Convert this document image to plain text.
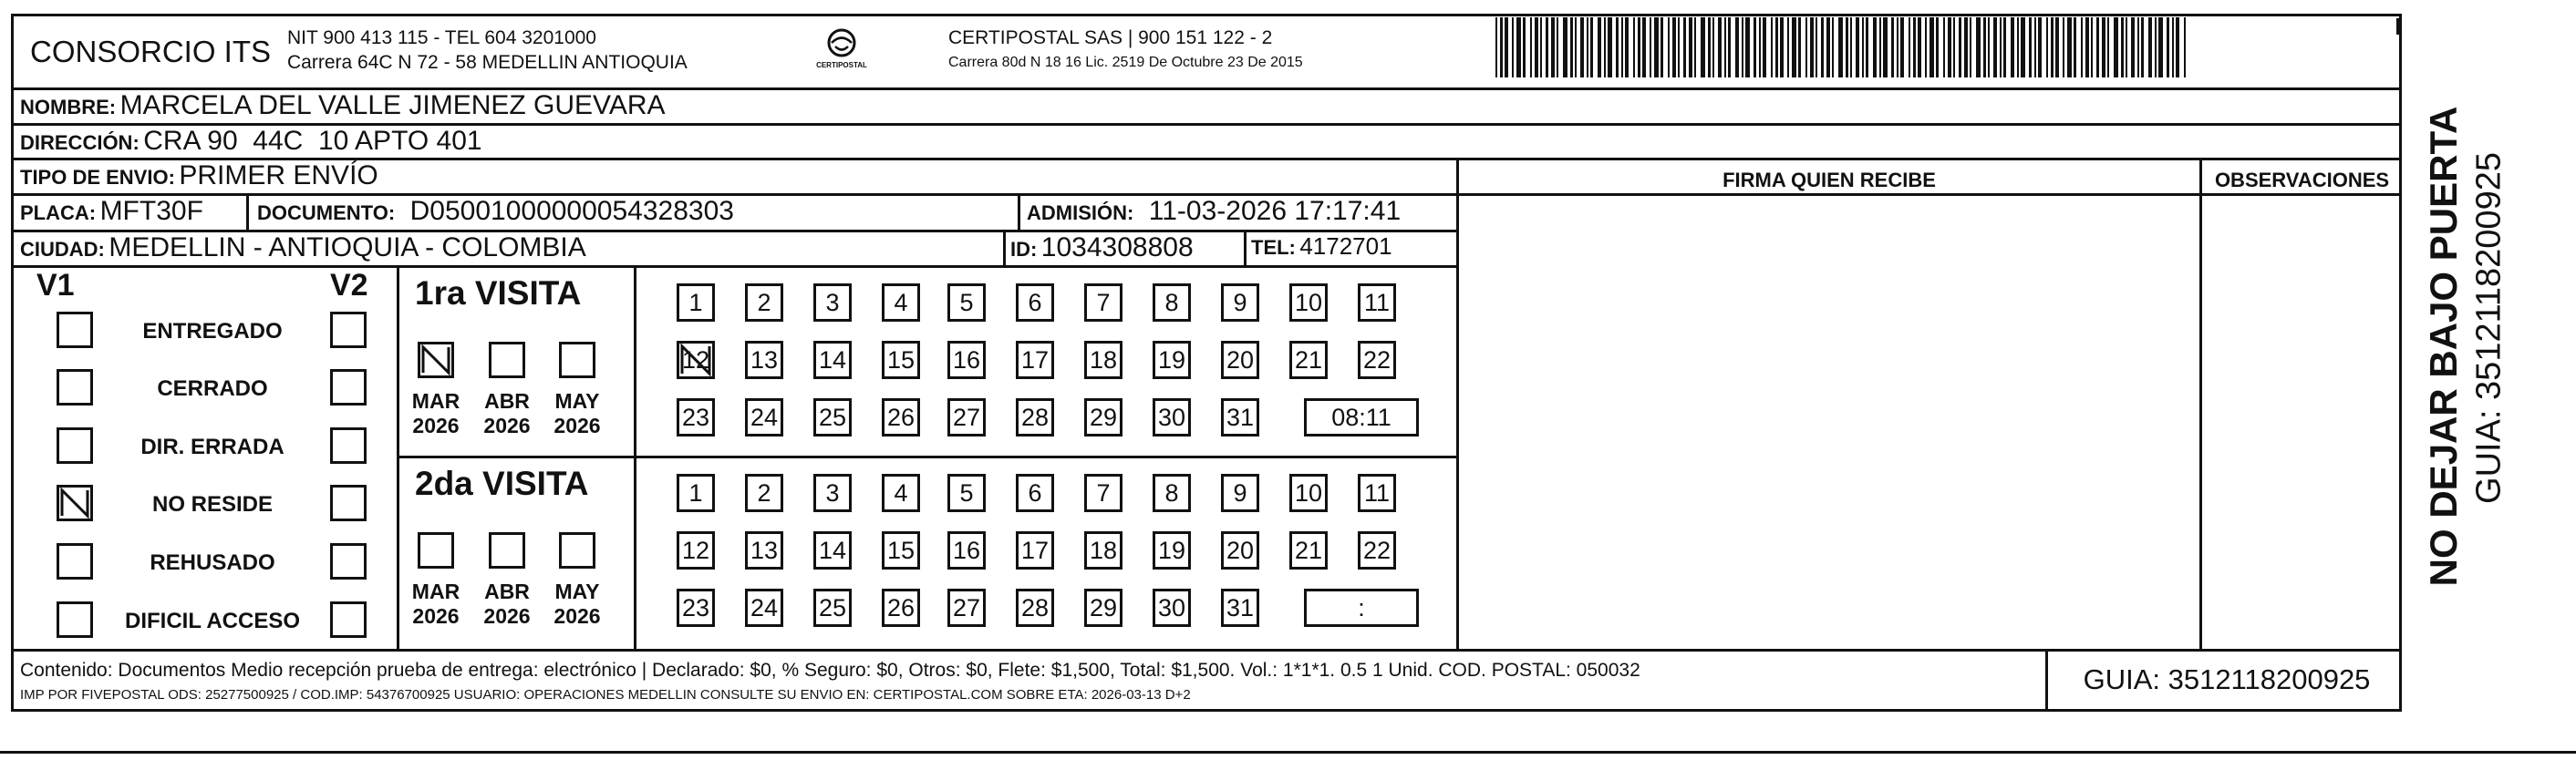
CONSORCIO ITS NIT 900 413 115 - TEL 604 3201000
Carrera 64C N 72 - 58 MEDELLIN ANTIOQUIA	CERTIPOSTAL
CERTIPOSTAL SAS | 900 151 122 - 2
Carrera 80d N 18 16 Lic. 2519 De Octubre 23 De 2015
NOMBRE: MARCELA DEL VALLE JIMENEZ GUEVARA
DIRECCIÓN: CRA 90  44C  10 APTO 401
TIPO DE ENVIO: PRIMER ENVÍO
PLACA: MFT30F	DOCUMENTO: D05001000000054328303	ADMISIÓN: 11-03-2026 17:17:41
CIUDAD: MEDELLIN - ANTIOQUIA - COLOMBIA	ID: 1034308808	TEL: 4172701
FIRMA QUIEN RECIBE	OBSERVACIONES
V1	V2
ENTREGADO
CERRADO
DIR. ERRADA
NO RESIDE
REHUSADO
DIFICIL ACCESO
1ra VISITA
MAR
2026
ABR
2026
MAY
2026
1	2	3	4	5	6	7	8	9	10 11
12 13 14 15 16 17 18 19 20 21 22
23 24 25 26 27 28 29 30 31	08:11
2da VISITA
MAR
2026
ABR
2026
MAY
2026
1	2	3	4	5	6	7	8	9	10 11
12 13 14 15 16 17 18 19 20 21 22
23 24 25 26 27 28 29 30 31	:
Contenido: Documentos Medio recepción prueba de entrega: electrónico | Declarado: $0, % Seguro: $0, Otros: $0, Flete: $1,500, Total: $1,500. Vol.: 1*1*1. 0.5 1 Unid. COD. POSTAL: 050032
IMP POR FIVEPOSTAL ODS: 25277500925 / COD.IMP: 54376700925 USUARIO: OPERACIONES MEDELLIN CONSULTE SU ENVIO EN: CERTIPOSTAL.COM SOBRE ETA: 2026-03-13 D+2	GUIA: 3512118200925
NO DEJAR BAJO PUERTA GUIA: 3512118200925
